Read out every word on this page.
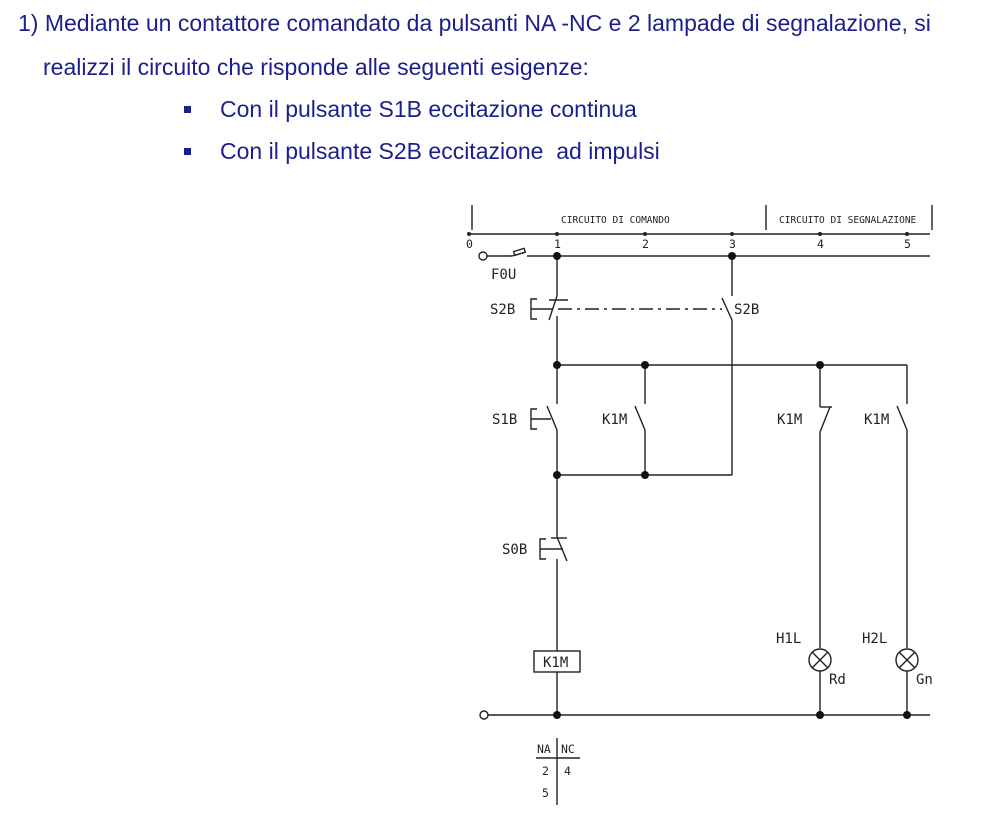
1) Mediante un contattore comandato da pulsanti NA -NC e 2 lampade di segnalazione, si
realizzi il circuito che risponde alle seguenti esigenze:
Con il pulsante S1B eccitazione continua
Con il pulsante S2B eccitazione  ad impulsi
CIRCUITO DI COMANDO	CIRCUITO DI SEGNALAZIONE
0	1	2	3	4	5
F0U
S2B	S2B
S1B	K1M	K1M	K1M
S0B
K1M
H1L	H2L
Rd	Gn
NA NC
2 4
5
